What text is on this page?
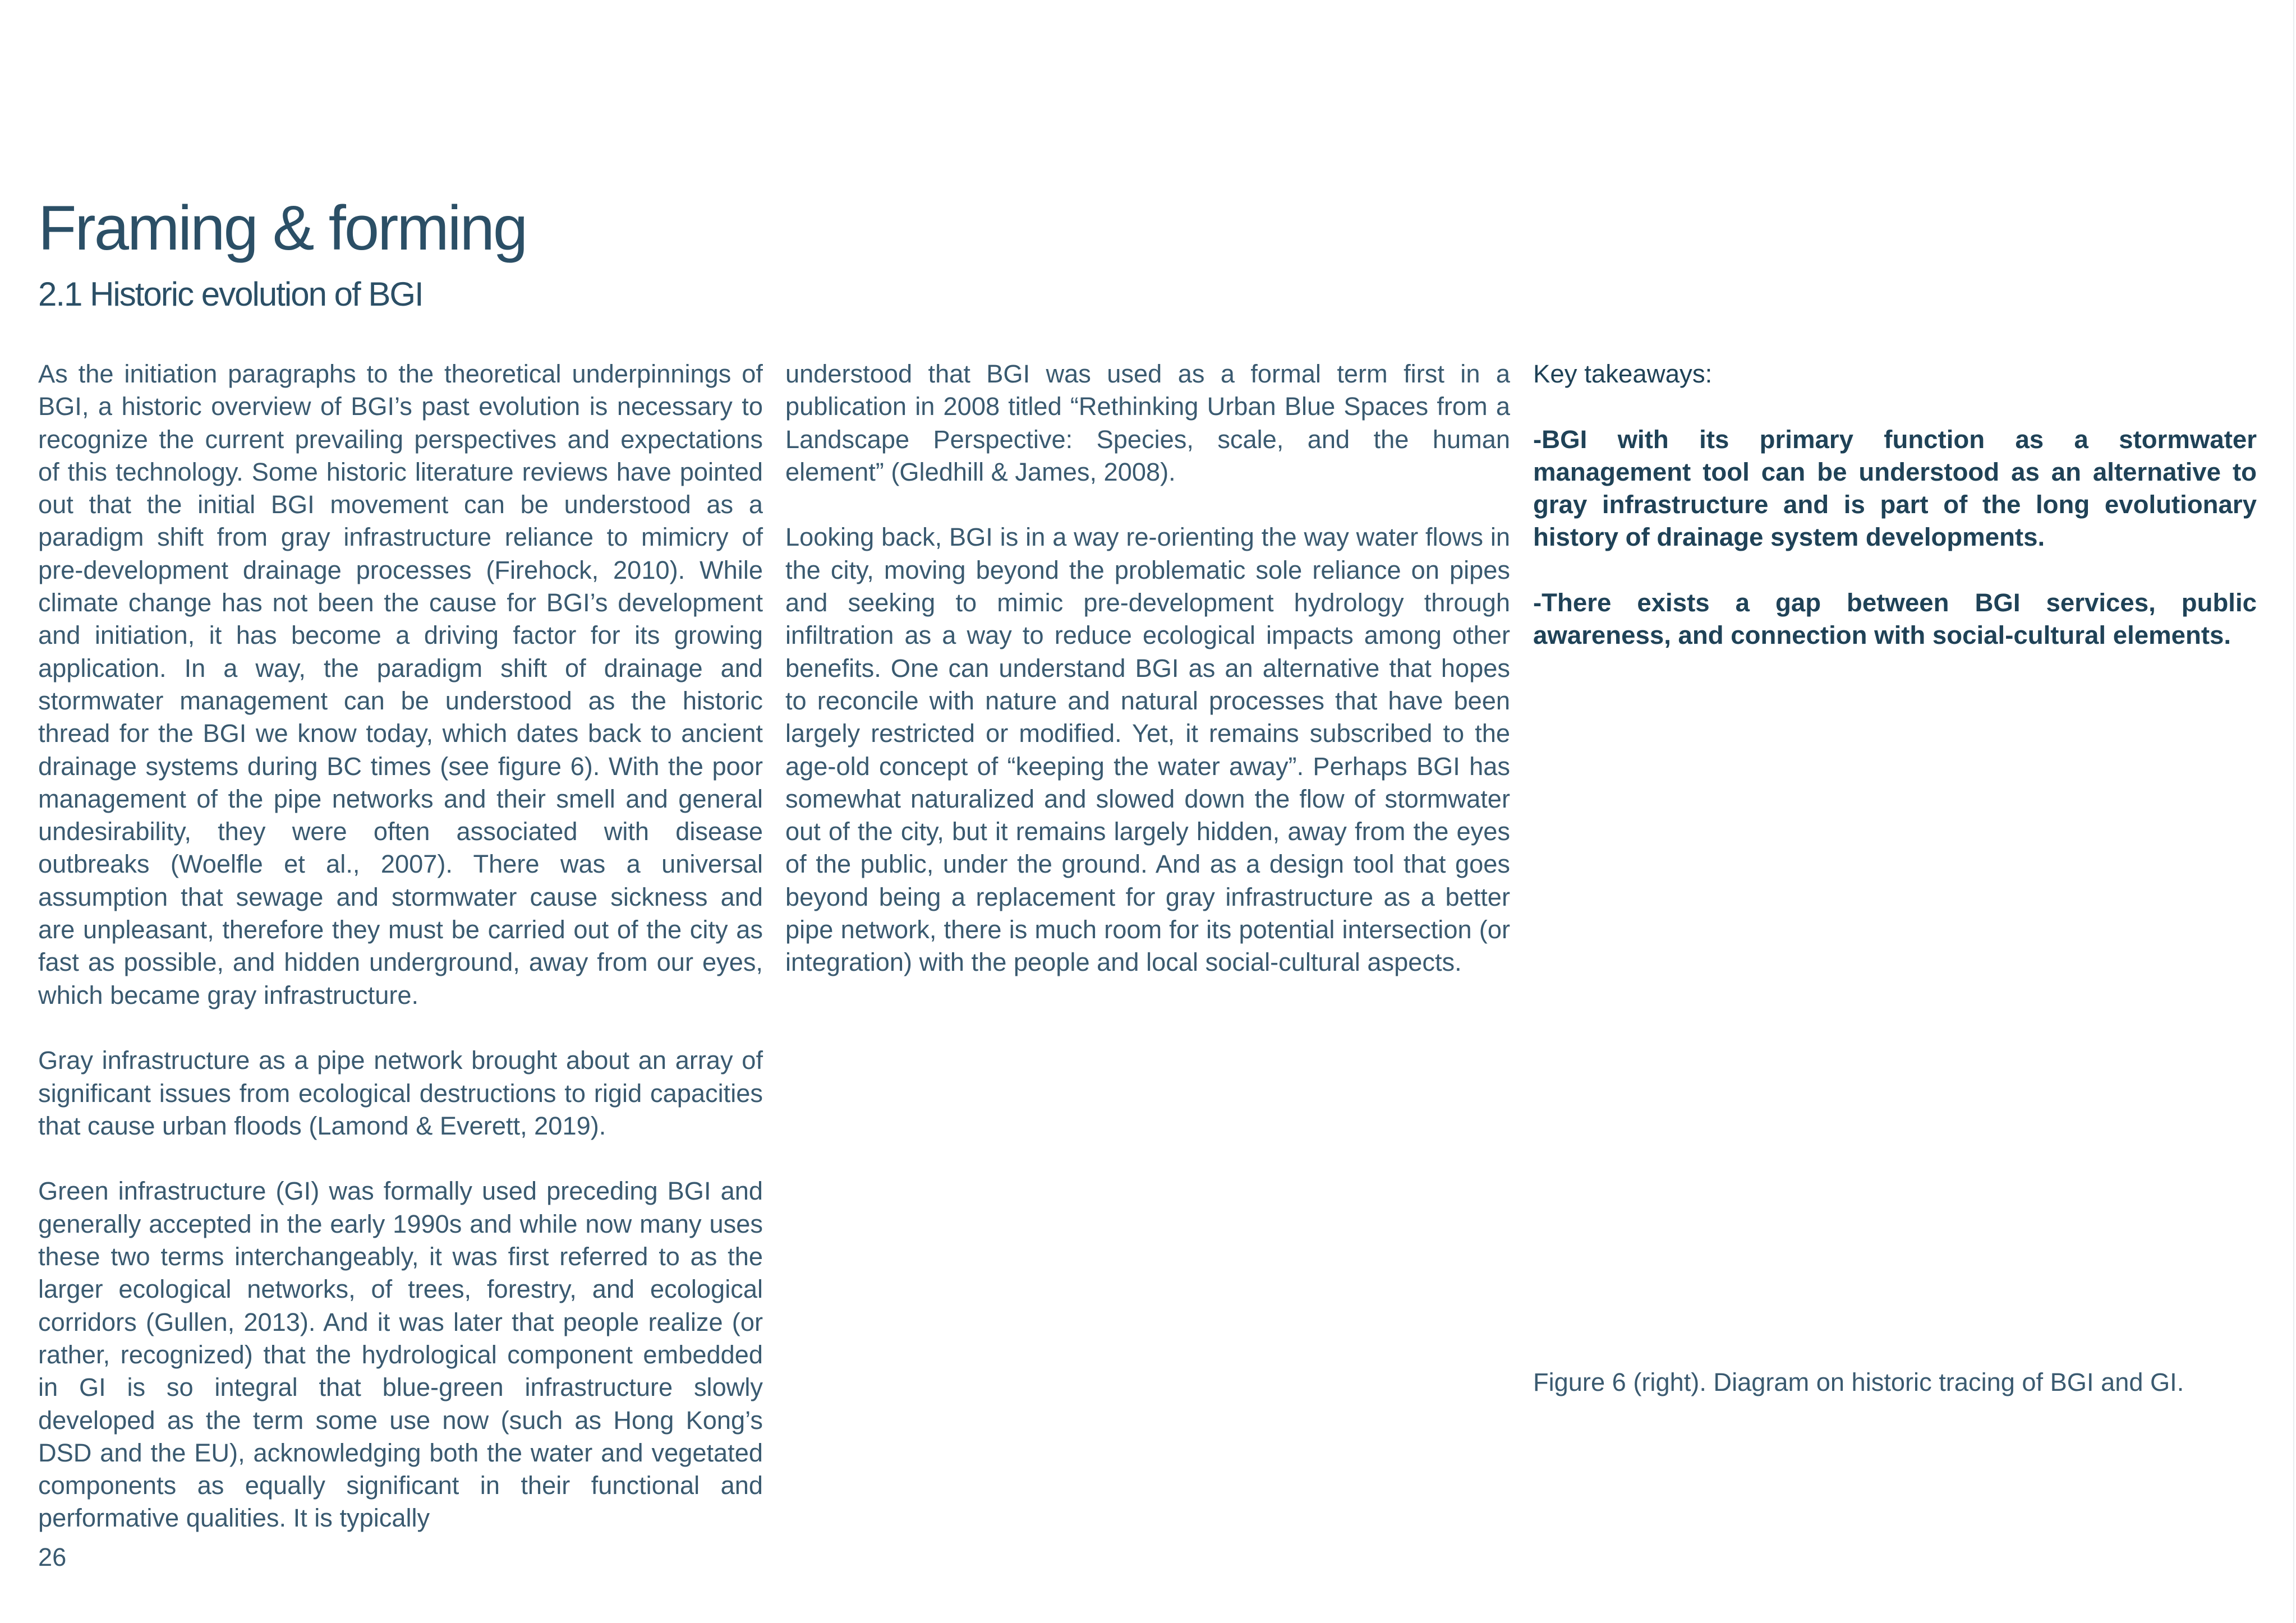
Framing & forming
2.1 Historic evolution of BGI

As the initiation paragraphs to the theoretical underpinnings of BGI, a historic overview of BGI’s past evolution is necessary to recognize the current prevailing perspectives and expectations of this technology. Some historic literature reviews have pointed out that the initial BGI movement can be understood as a paradigm shift from gray infrastructure reliance to mimicry of pre-development drainage processes (Firehock, 2010). While climate change has not been the cause for BGI’s development and initiation, it has become a driving factor for its growing application. In a way, the paradigm shift of drainage and stormwater management can be understood as the historic thread for the BGI we know today, which dates back to ancient drainage systems during BC times (see figure 6). With the poor management of the pipe networks and their smell and general undesirability, they were often associated with disease outbreaks (Woelfle et al., 2007). There was a universal assumption that sewage and stormwater cause sickness and are unpleasant, therefore they must be carried out of the city as fast as possible, and hidden underground, away from our eyes, which became gray infrastructure.

Gray infrastructure as a pipe network brought about an array of significant issues from ecological destructions to rigid capacities that cause urban floods (Lamond & Everett, 2019).

Green infrastructure (GI) was formally used preceding BGI and generally accepted in the early 1990s and while now many uses these two terms interchangeably, it was first referred to as the larger ecological networks, of trees, forestry, and ecological corridors (Gullen, 2013). And it was later that people realize (or rather, recognized) that the hydrological component embedded in GI is so integral that blue-green infrastructure slowly developed as the term some use now (such as Hong Kong’s DSD and the EU), acknowledging both the water and vegetated components as equally significant in their functional and performative qualities. It is typically

understood that BGI was used as a formal term first in a publication in 2008 titled “Rethinking Urban Blue Spaces from a Landscape Perspective: Species, scale, and the human element” (Gledhill & James, 2008).

Looking back, BGI is in a way re-orienting the way water flows in the city, moving beyond the problematic sole reliance on pipes and seeking to mimic pre-development hydrology through infiltration as a way to reduce ecological impacts among other benefits. One can understand BGI as an alternative that hopes to reconcile with nature and natural processes that have been largely restricted or modified. Yet, it remains subscribed to the age-old concept of “keeping the water away”. Perhaps BGI has somewhat naturalized and slowed down the flow of stormwater out of the city, but it remains largely hidden, away from the eyes of the public, under the ground. And as a design tool that goes beyond being a replacement for gray infrastructure as a better pipe network, there is much room for its potential intersection (or integration) with the people and local social-cultural aspects.

Key takeaways:

-BGI with its primary function as a stormwater management tool can be understood as an alternative to gray infrastructure and is part of the long evolutionary history of drainage system developments.

-There exists a gap between BGI services, public awareness, and connection with social-cultural elements.

Figure 6 (right). Diagram on historic tracing of BGI and GI.
26
